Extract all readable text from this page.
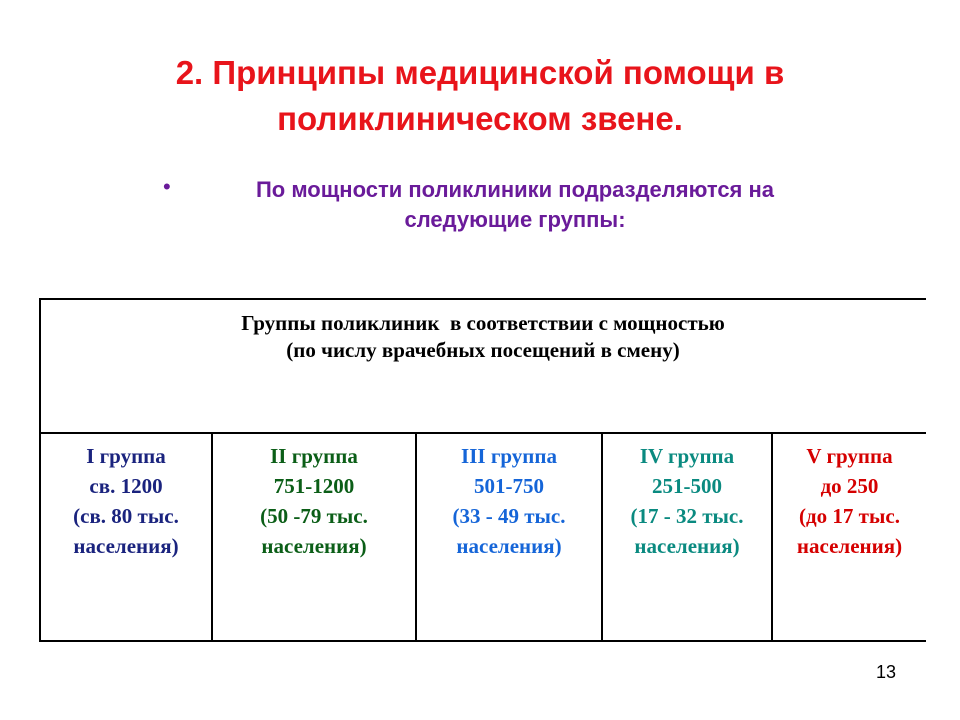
2. Принципы медицинской помощи в
поликлиническом звене.
•	По мощности поликлиники подразделяются на
следующие группы:

Группы поликлиник  в соответствии с мощностью
(по числу врачебных посещений в смену)
I группа
св. 1200
(св. 80 тыс.
населения)
II группа
751-1200
(50 -79 тыс.
населения)
III группа
501-750
(33 - 49 тыс.
населения)
IV группа
251-500
(17 - 32 тыс.
населения)
V группа
до 250
(до 17 тыс.
населения)
13
